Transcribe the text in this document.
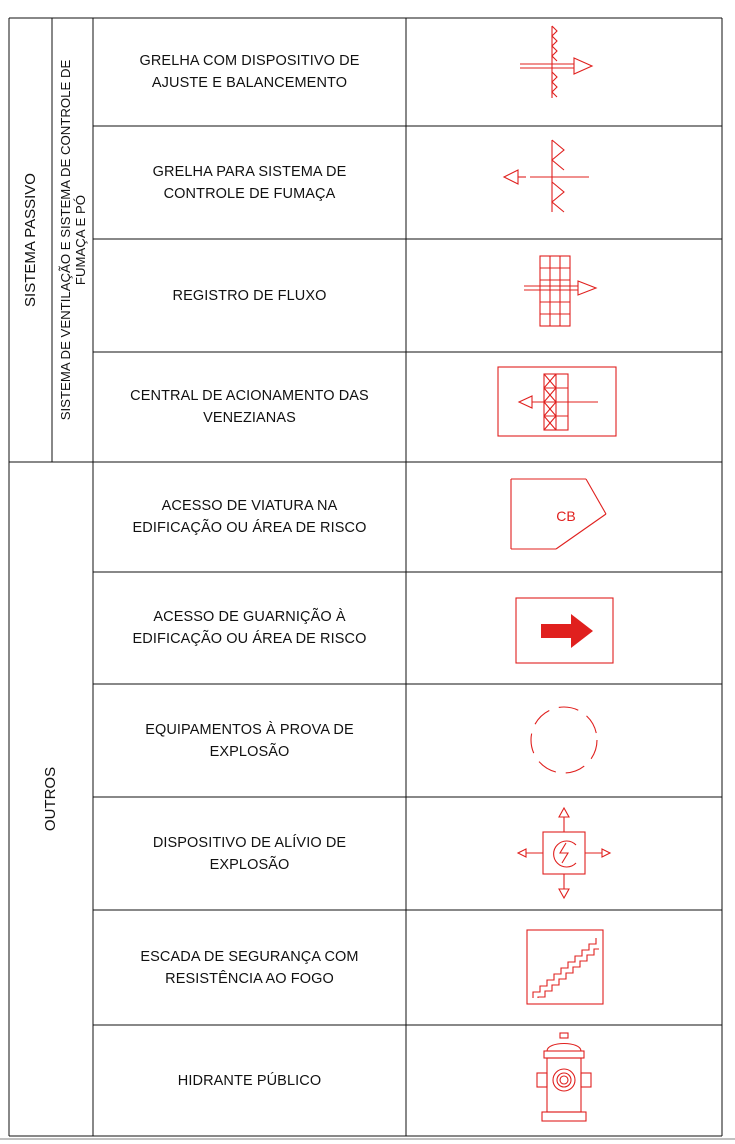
SISTEMA PASSIVO SISTEMA DE VENTILAÇÃO E SISTEMA DE CONTROLE DE FUMAÇA E PÓ
OUTROS
GRELHA COM DISPOSITIVO DE
AJUSTE E BALANCEMENTO
GRELHA PARA SISTEMA DE
CONTROLE DE FUMAÇA
REGISTRO DE FLUXO
CENTRAL DE ACIONAMENTO DAS
VENEZIANAS
ACESSO DE VIATURA NA
EDIFICAÇÃO OU ÁREA DE RISCO
CB
ACESSO DE GUARNIÇÃO À
EDIFICAÇÃO OU ÁREA DE RISCO
EQUIPAMENTOS À PROVA DE
EXPLOSÃO
DISPOSITIVO DE ALÍVIO DE
EXPLOSÃO
ESCADA DE SEGURANÇA COM
RESISTÊNCIA AO FOGO
HIDRANTE PÚBLICO
